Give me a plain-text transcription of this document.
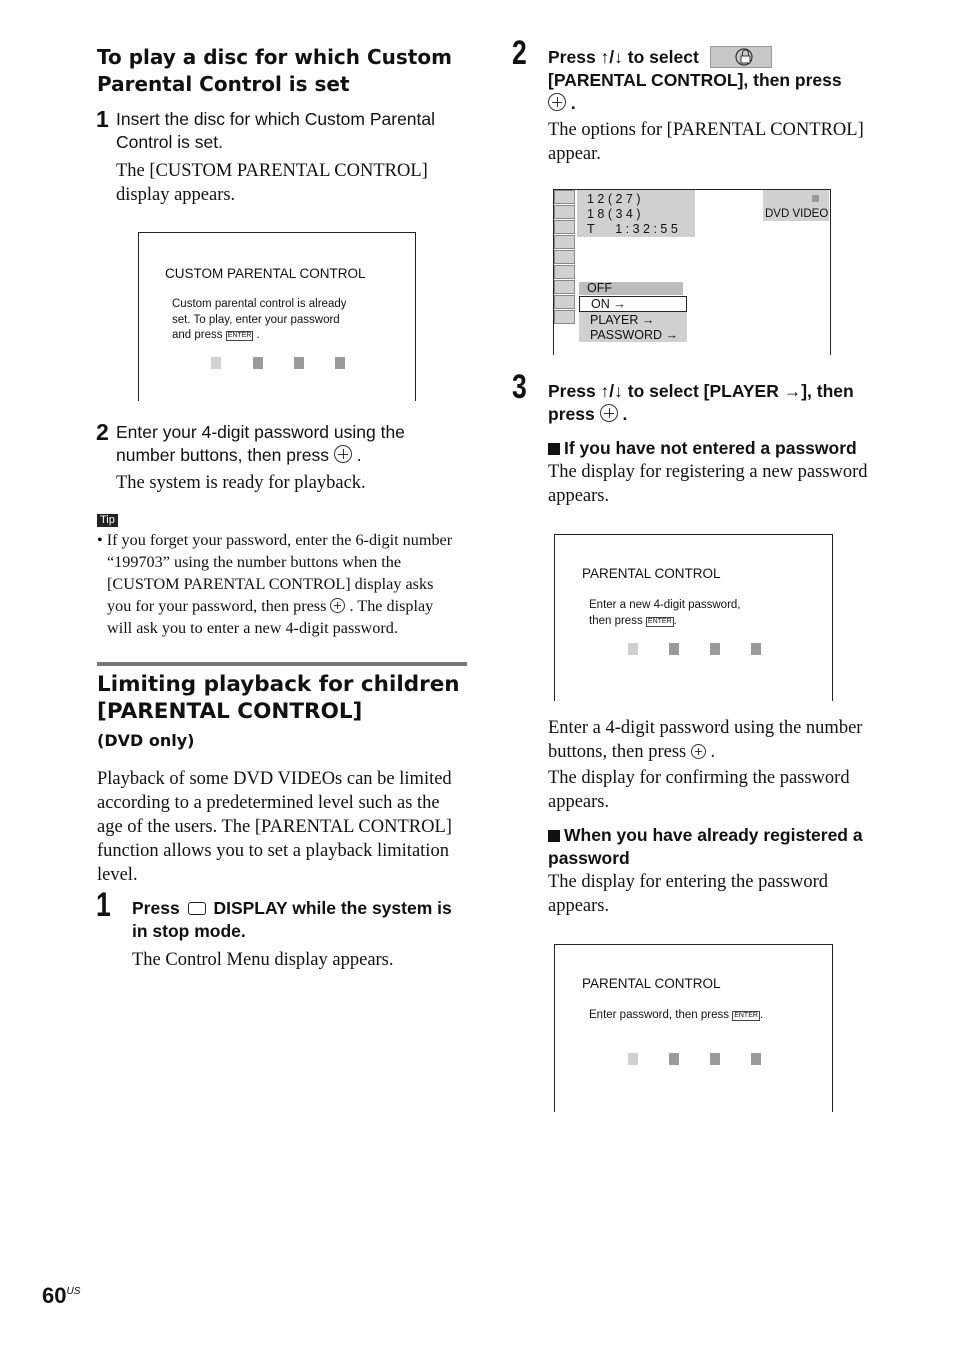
To play a disc for which Custom Parental Control is set
1 Insert the disc for which Custom Parental Control is set.
The [CUSTOM PARENTAL CONTROL] display appears.
CUSTOM PARENTAL CONTROL
Custom parental control is already
set. To play, enter your password
and press ENTER .
2 Enter your 4-digit password using the
number buttons, then press  .
The system is ready for playback.
Tip
• If you forget your password, enter the 6-digit number
“199703” using the number buttons when the
[CUSTOM PARENTAL CONTROL] display asks
you for your password, then press . The display
will ask you to enter a new 4-digit password.
Limiting playback for children
[PARENTAL CONTROL]
(DVD only)
Playback of some DVD VIDEOs can be limited according to a predetermined level such as the age of the users. The [PARENTAL CONTROL] function allows you to set a playback limitation level.
1 Press DISPLAY while the system is
in stop mode.
The Control Menu display appears.
2 Press ↑/↓ to select
[PARENTAL CONTROL], then press
.
The options for [PARENTAL CONTROL] appear.
1 2 ( 2 7 )
1 8 ( 3 4 )
T      1 : 3 2 : 5 5
DVD VIDEO
OFF
ON →
PLAYER →
PASSWORD →
3 Press ↑/↓ to select [PLAYER →], then
press  .
If you have not entered a password
The display for registering a new password appears.
PARENTAL CONTROL
Enter a new 4-digit password,
then press ENTER .
Enter a 4-digit password using the number
buttons, then press  .
The display for confirming the password appears.
When you have already registered a
password
The display for entering the password appears.
PARENTAL CONTROL
Enter password, then press ENTER .
$60^{US}$
